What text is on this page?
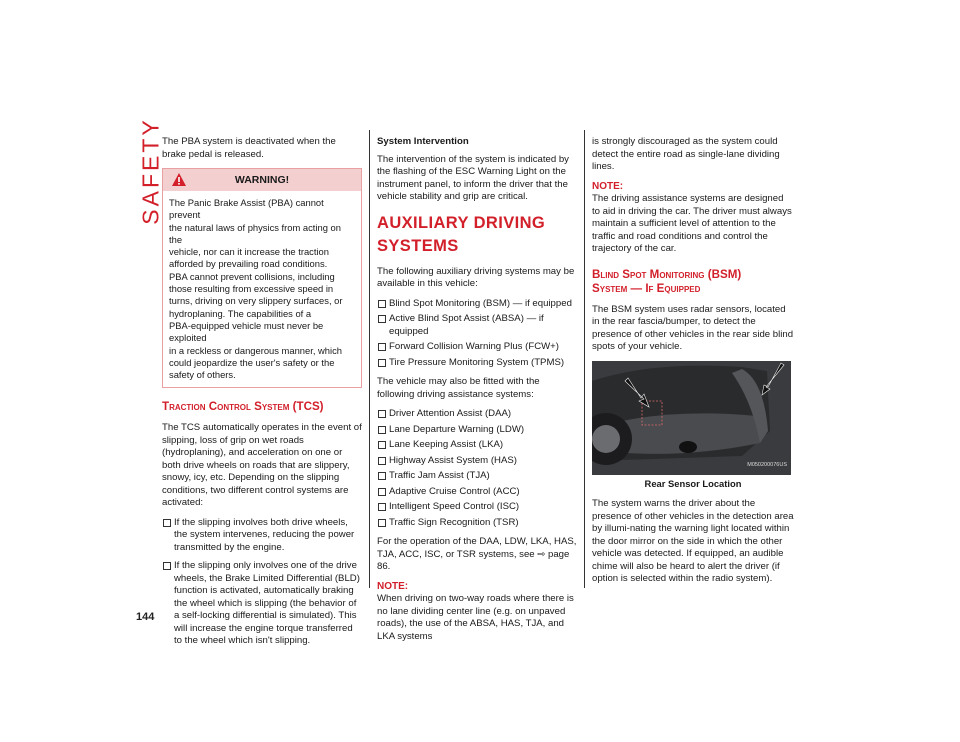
SAFETY
144

The PBA system is deactivated when the brake pedal is released.

WARNING!
The Panic Brake Assist (PBA) cannot prevent
the natural laws of physics from acting on the
vehicle, nor can it increase the traction
afforded by prevailing road conditions.
PBA cannot prevent collisions, including
those resulting from excessive speed in
turns, driving on very slippery surfaces, or
hydroplaning. The capabilities of a
PBA-equipped vehicle must never be exploited
in a reckless or dangerous manner, which
could jeopardize the user's safety or the
safety of others.
Traction Control System (TCS)

The TCS automatically operates in the event of slipping, loss of grip on wet roads (hydroplaning), and acceleration on one or both drive wheels on roads that are slippery, snowy, icy, etc. Depending on the slipping conditions, two different control systems are activated:

If the slipping involves both drive wheels, the system intervenes, reducing the power transmitted by the engine.
If the slipping only involves one of the drive wheels, the Brake Limited Differential (BLD) function is activated, automatically braking the wheel which is slipping (the behavior of a self-locking differential is simulated). This will increase the engine torque transferred to the wheel which isn't slipping.
System Intervention

The intervention of the system is indicated by the flashing of the ESC Warning Light on the instrument panel, to inform the driver that the vehicle stability and grip are critical.

AUXILIARY DRIVING
SYSTEMS

The following auxiliary driving systems may be available in this vehicle:

Blind Spot Monitoring (BSM) — if equipped
Active Blind Spot Assist (ABSA) — if equipped
Forward Collision Warning Plus (FCW+)
Tire Pressure Monitoring System (TPMS)

The vehicle may also be fitted with the following driving assistance systems:

Driver Attention Assist (DAA)
Lane Departure Warning (LDW)
Lane Keeping Assist (LKA)
Highway Assist System (HAS)
Traffic Jam Assist (TJA)
Adaptive Cruise Control (ACC)
Intelligent Speed Control (ISC)
Traffic Sign Recognition (TSR)

For the operation of the DAA, LDW, LKA, HAS, TJA, ACC, ISC, or TSR systems, see ⇨ page 86.

NOTE:

When driving on two-way roads where there is no lane dividing center line (e.g. on unpaved roads), the use of the ABSA, HAS, TJA, and LKA systems

is strongly discouraged as the system could detect the entire road as single-lane dividing lines.

NOTE:

The driving assistance systems are designed to aid in driving the car. The driver must always maintain a sufficient level of attention to the traffic and road conditions and control the trajectory of the car.

Blind Spot Monitoring (BSM)
System — If Equipped

The BSM system uses radar sensors, located in the rear fascia/bumper, to detect the presence of other vehicles in the rear side blind spots of your vehicle.

M050200076US
Rear Sensor Location

The system warns the driver about the presence of other vehicles in the detection area by illumi-nating the warning light located within the door mirror on the side in which the other vehicle was detected. If equipped, an audible chime will also be heard to alert the driver (if option is selected within the radio system).
